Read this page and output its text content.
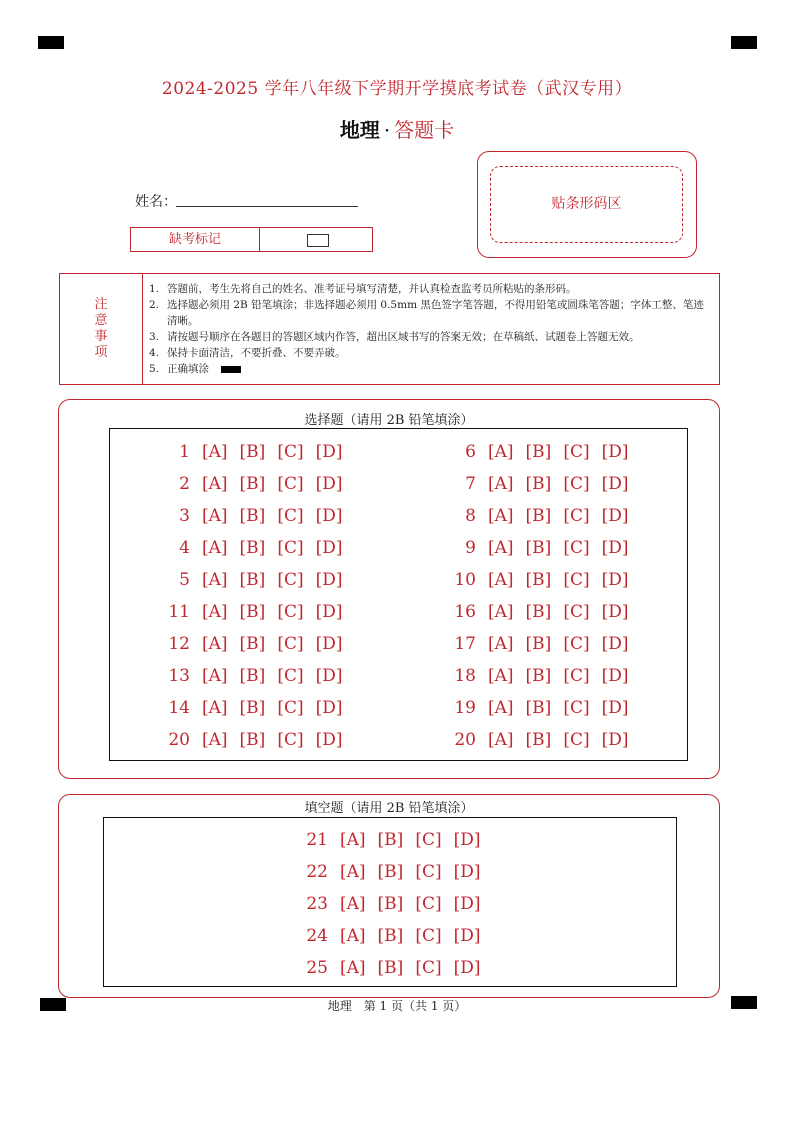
2024-2025 学年八年级下学期开学摸底考试卷（武汉专用）
地理 · 答题卡
姓名：
缺考标记
贴条形码区
注
意
事
项
1. 答题前，考生先将自己的姓名、准考证号填写清楚，并认真检查监考员所粘贴的条形码。
2. 选择题必须用 2B 铅笔填涂；非选择题必须用 0.5mm 黑色签字笔答题，不得用铅笔或圆珠笔答题；字体工整、笔迹清晰。
3. 请按题号顺序在各题目的答题区域内作答，超出区域书写的答案无效；在草稿纸、试题卷上答题无效。
4. 保持卡面清洁，不要折叠、不要弄破。
5. 正确填涂
选择题（请用 2B 铅笔填涂）
1 [A] [B] [C] [D]
2 [A] [B] [C] [D]
3 [A] [B] [C] [D]
4 [A] [B] [C] [D]
5 [A] [B] [C] [D]
11 [A] [B] [C] [D]
12 [A] [B] [C] [D]
13 [A] [B] [C] [D]
14 [A] [B] [C] [D]
20 [A] [B] [C] [D]
6 [A] [B] [C] [D]
7 [A] [B] [C] [D]
8 [A] [B] [C] [D]
9 [A] [B] [C] [D]
10 [A] [B] [C] [D]
16 [A] [B] [C] [D]
17 [A] [B] [C] [D]
18 [A] [B] [C] [D]
19 [A] [B] [C] [D]
20 [A] [B] [C] [D]
填空题（请用 2B 铅笔填涂）
21 [A] [B] [C] [D]
22 [A] [B] [C] [D]
23 [A] [B] [C] [D]
24 [A] [B] [C] [D]
25 [A] [B] [C] [D]
地理　第 1 页（共 1 页）
